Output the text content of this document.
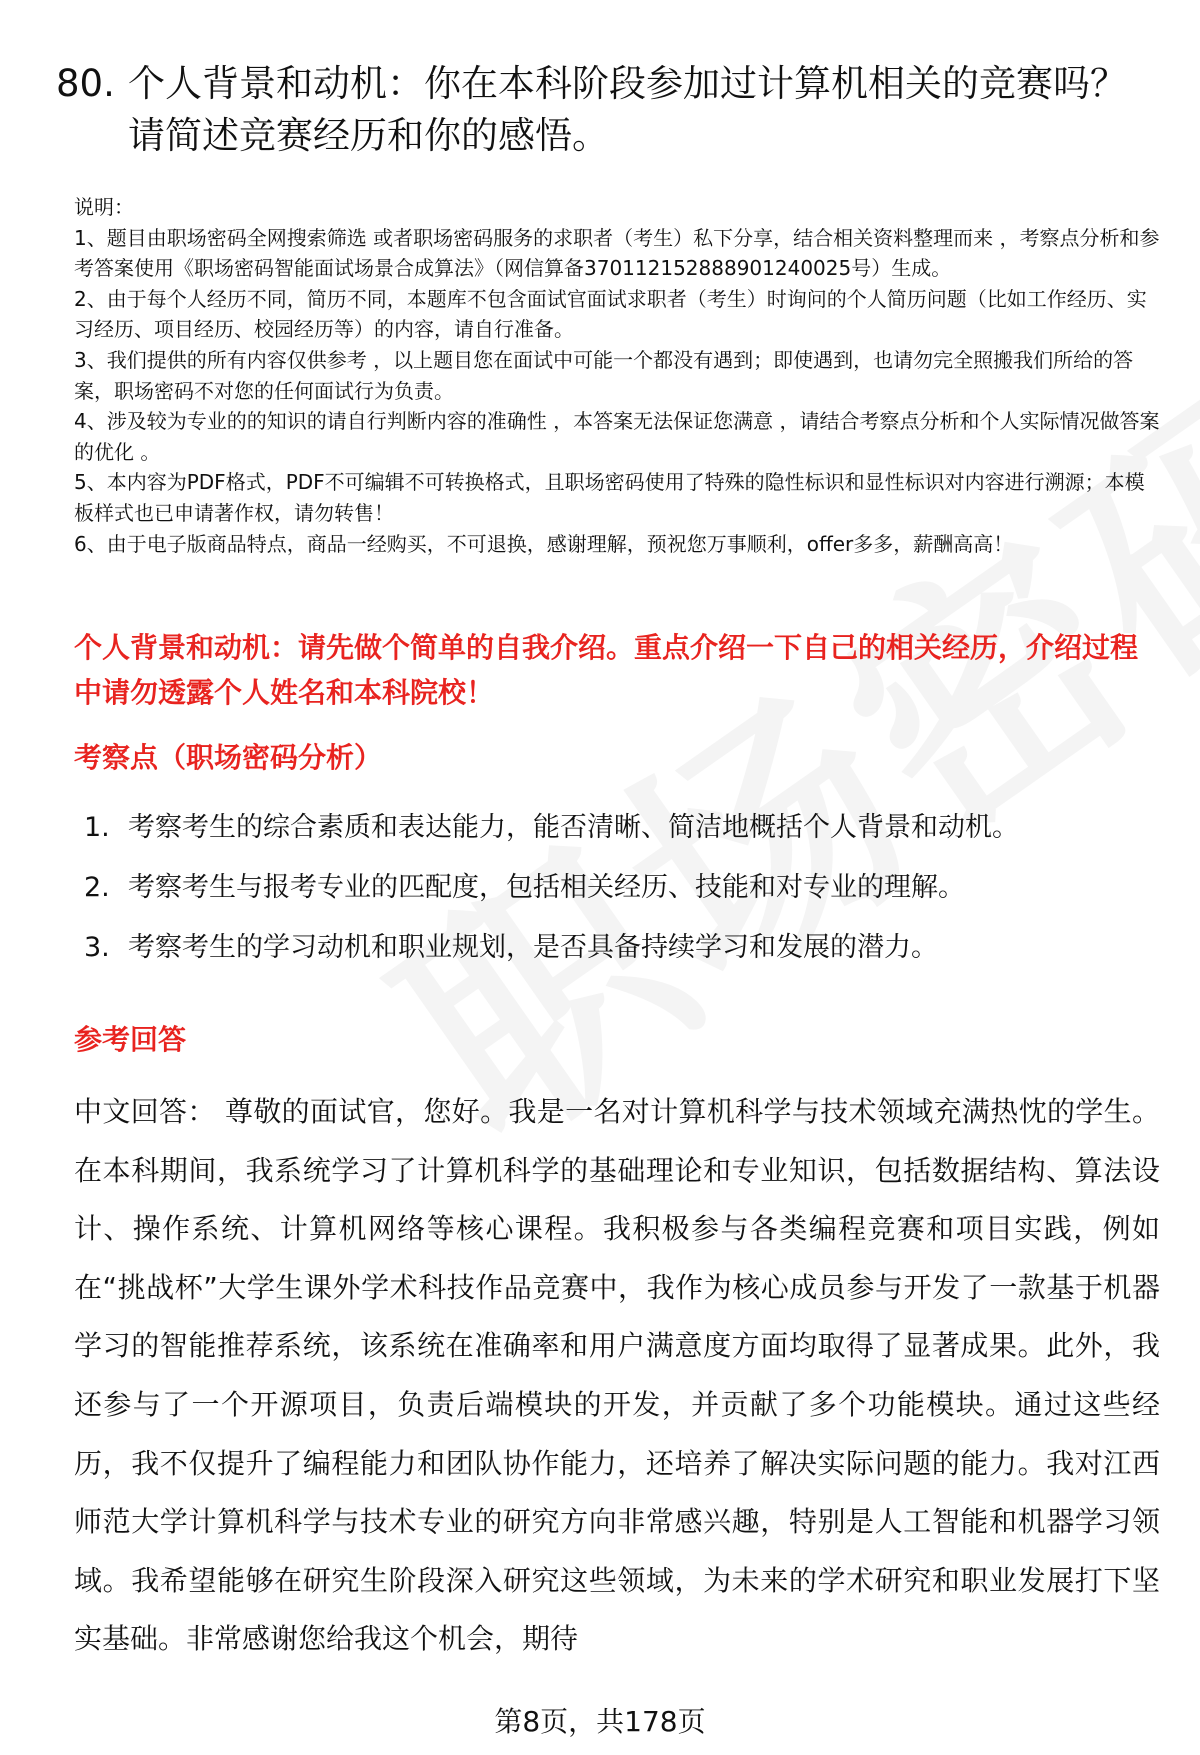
80. 个人背景和动机：你在本科阶段参加过计算机相关的竞赛吗？请简述竞赛经历和你的感悟。

说明：

1、题目由职场密码全网搜索筛选 或者职场密码服务的求职者（考生）私下分享，结合相关资料整理而来 ，考察点分析和参考答案使用《职场密码智能面试场景合成算法》（网信算备370112152888901240025号）生成。

2、由于每个人经历不同，简历不同，本题库不包含面试官面试求职者（考生）时询问的个人简历问题（比如工作经历、实习经历、项目经历、校园经历等）的内容，请自行准备。

3、我们提供的所有内容仅供参考 ，以上题目您在面试中可能一个都没有遇到；即使遇到，也请勿完全照搬我们所给的答案，职场密码不对您的任何面试行为负责。

4、涉及较为专业的的知识的请自行判断内容的准确性 ，本答案无法保证您满意 ，请结合考察点分析和个人实际情况做答案的优化 。

5、本内容为PDF格式，PDF不可编辑不可转换格式，且职场密码使用了特殊的隐性标识和显性标识对内容进行溯源；本模板样式也已申请著作权，请勿转售！

6、由于电子版商品特点，商品一经购买，不可退换，感谢理解，预祝您万事顺利，offer多多，薪酬高高！

个人背景和动机：请先做个简单的自我介绍。重点介绍一下自己的相关经历，介绍过程中请勿透露个人姓名和本科院校！
考察点（职场密码分析）
1. 考察考生的综合素质和表达能力，能否清晰、简洁地概括个人背景和动机。
2. 考察考生与报考专业的匹配度，包括相关经历、技能和对专业的理解。
3. 考察考生的学习动机和职业规划，是否具备持续学习和发展的潜力。
参考回答
中文回答： 尊敬的面试官，您好。我是一名对计算机科学与技术领域充满热忱的学生。在本科期间，我系统学习了计算机科学的基础理论和专业知识，包括数据结构、算法设计、操作系统、计算机网络等核心课程。我积极参与各类编程竞赛和项目实践，例如在“挑战杯”大学生课外学术科技作品竞赛中，我作为核心成员参与开发了一款基于机器学习的智能推荐系统，该系统在准确率和用户满意度方面均取得了显著成果。此外，我还参与了一个开源项目，负责后端模块的开发，并贡献了多个功能模块。通过这些经历，我不仅提升了编程能力和团队协作能力，还培养了解决实际问题的能力。我对江西师范大学计算机科学与技术专业的研究方向非常感兴趣，特别是人工智能和机器学习领域。我希望能够在研究生阶段深入研究这些领域，为未来的学术研究和职业发展打下坚实基础。非常感谢您给我这个机会，期待
第8页，共178页
